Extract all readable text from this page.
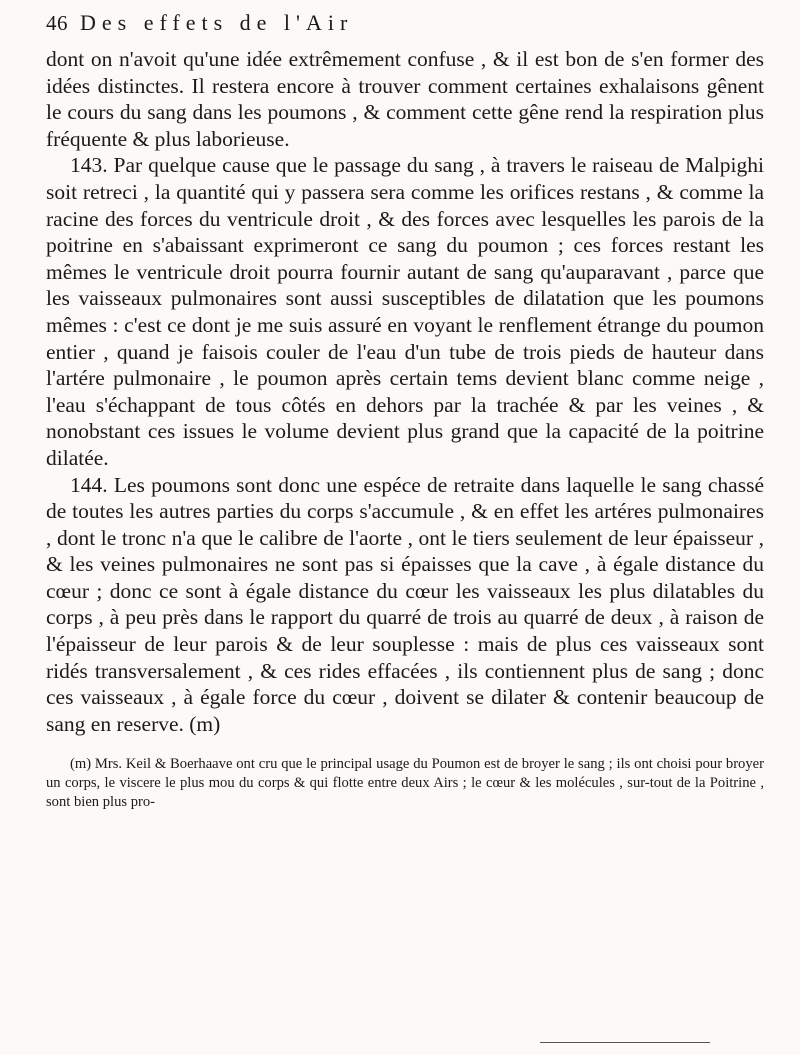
46 Des effets de l'Air

dont on n'avoit qu'une idée extrêmement confuse , & il est bon de s'en former des idées distinctes. Il restera encore à trouver comment certaines exhalaisons gênent le cours du sang dans les poumons , & comment cette gêne rend la respiration plus fréquente & plus laborieuse.

143. Par quelque cause que le passage du sang , à travers le raiseau de Malpighi soit retreci , la quantité qui y passera sera comme les orifices restans , & comme la racine des forces du ventricule droit , & des forces avec lesquelles les parois de la poitrine en s'abaissant exprimeront ce sang du poumon ; ces forces restant les mêmes le ventricule droit pourra fournir autant de sang qu'auparavant , parce que les vaisseaux pulmonaires sont aussi susceptibles de dilatation que les poumons mêmes : c'est ce dont je me suis assuré en voyant le renflement étrange du poumon entier , quand je faisois couler de l'eau d'un tube de trois pieds de hauteur dans l'artére pulmonaire , le poumon après certain tems devient blanc comme neige , l'eau s'échappant de tous côtés en dehors par la trachée & par les veines , & nonobstant ces issues le volume devient plus grand que la capacité de la poitrine dilatée.

144. Les poumons sont donc une espéce de retraite dans laquelle le sang chassé de toutes les autres parties du corps s'accumule , & en effet les artéres pulmonaires , dont le tronc n'a que le calibre de l'aorte , ont le tiers seulement de leur épaisseur , & les veines pulmonaires ne sont pas si épaisses que la cave , à égale distance du cœur ; donc ce sont à égale distance du cœur les vaisseaux les plus dilatables du corps , à peu près dans le rapport du quarré de trois au quarré de deux , à raison de l'épaisseur de leur parois & de leur souplesse : mais de plus ces vaisseaux sont ridés transversalement , & ces rides effacées , ils contiennent plus de sang ; donc ces vaisseaux , à égale force du cœur , doivent se dilater & contenir beaucoup de sang en reserve. (m)

(m) Mrs. Keil & Boerhaave ont cru que le principal usage du Poumon est de broyer le sang ; ils ont choisi pour broyer un corps, le viscere le plus mou du corps & qui flotte entre deux Airs ; le cœur & les molécules , sur-tout de la Poitrine , sont bien plus pro-
